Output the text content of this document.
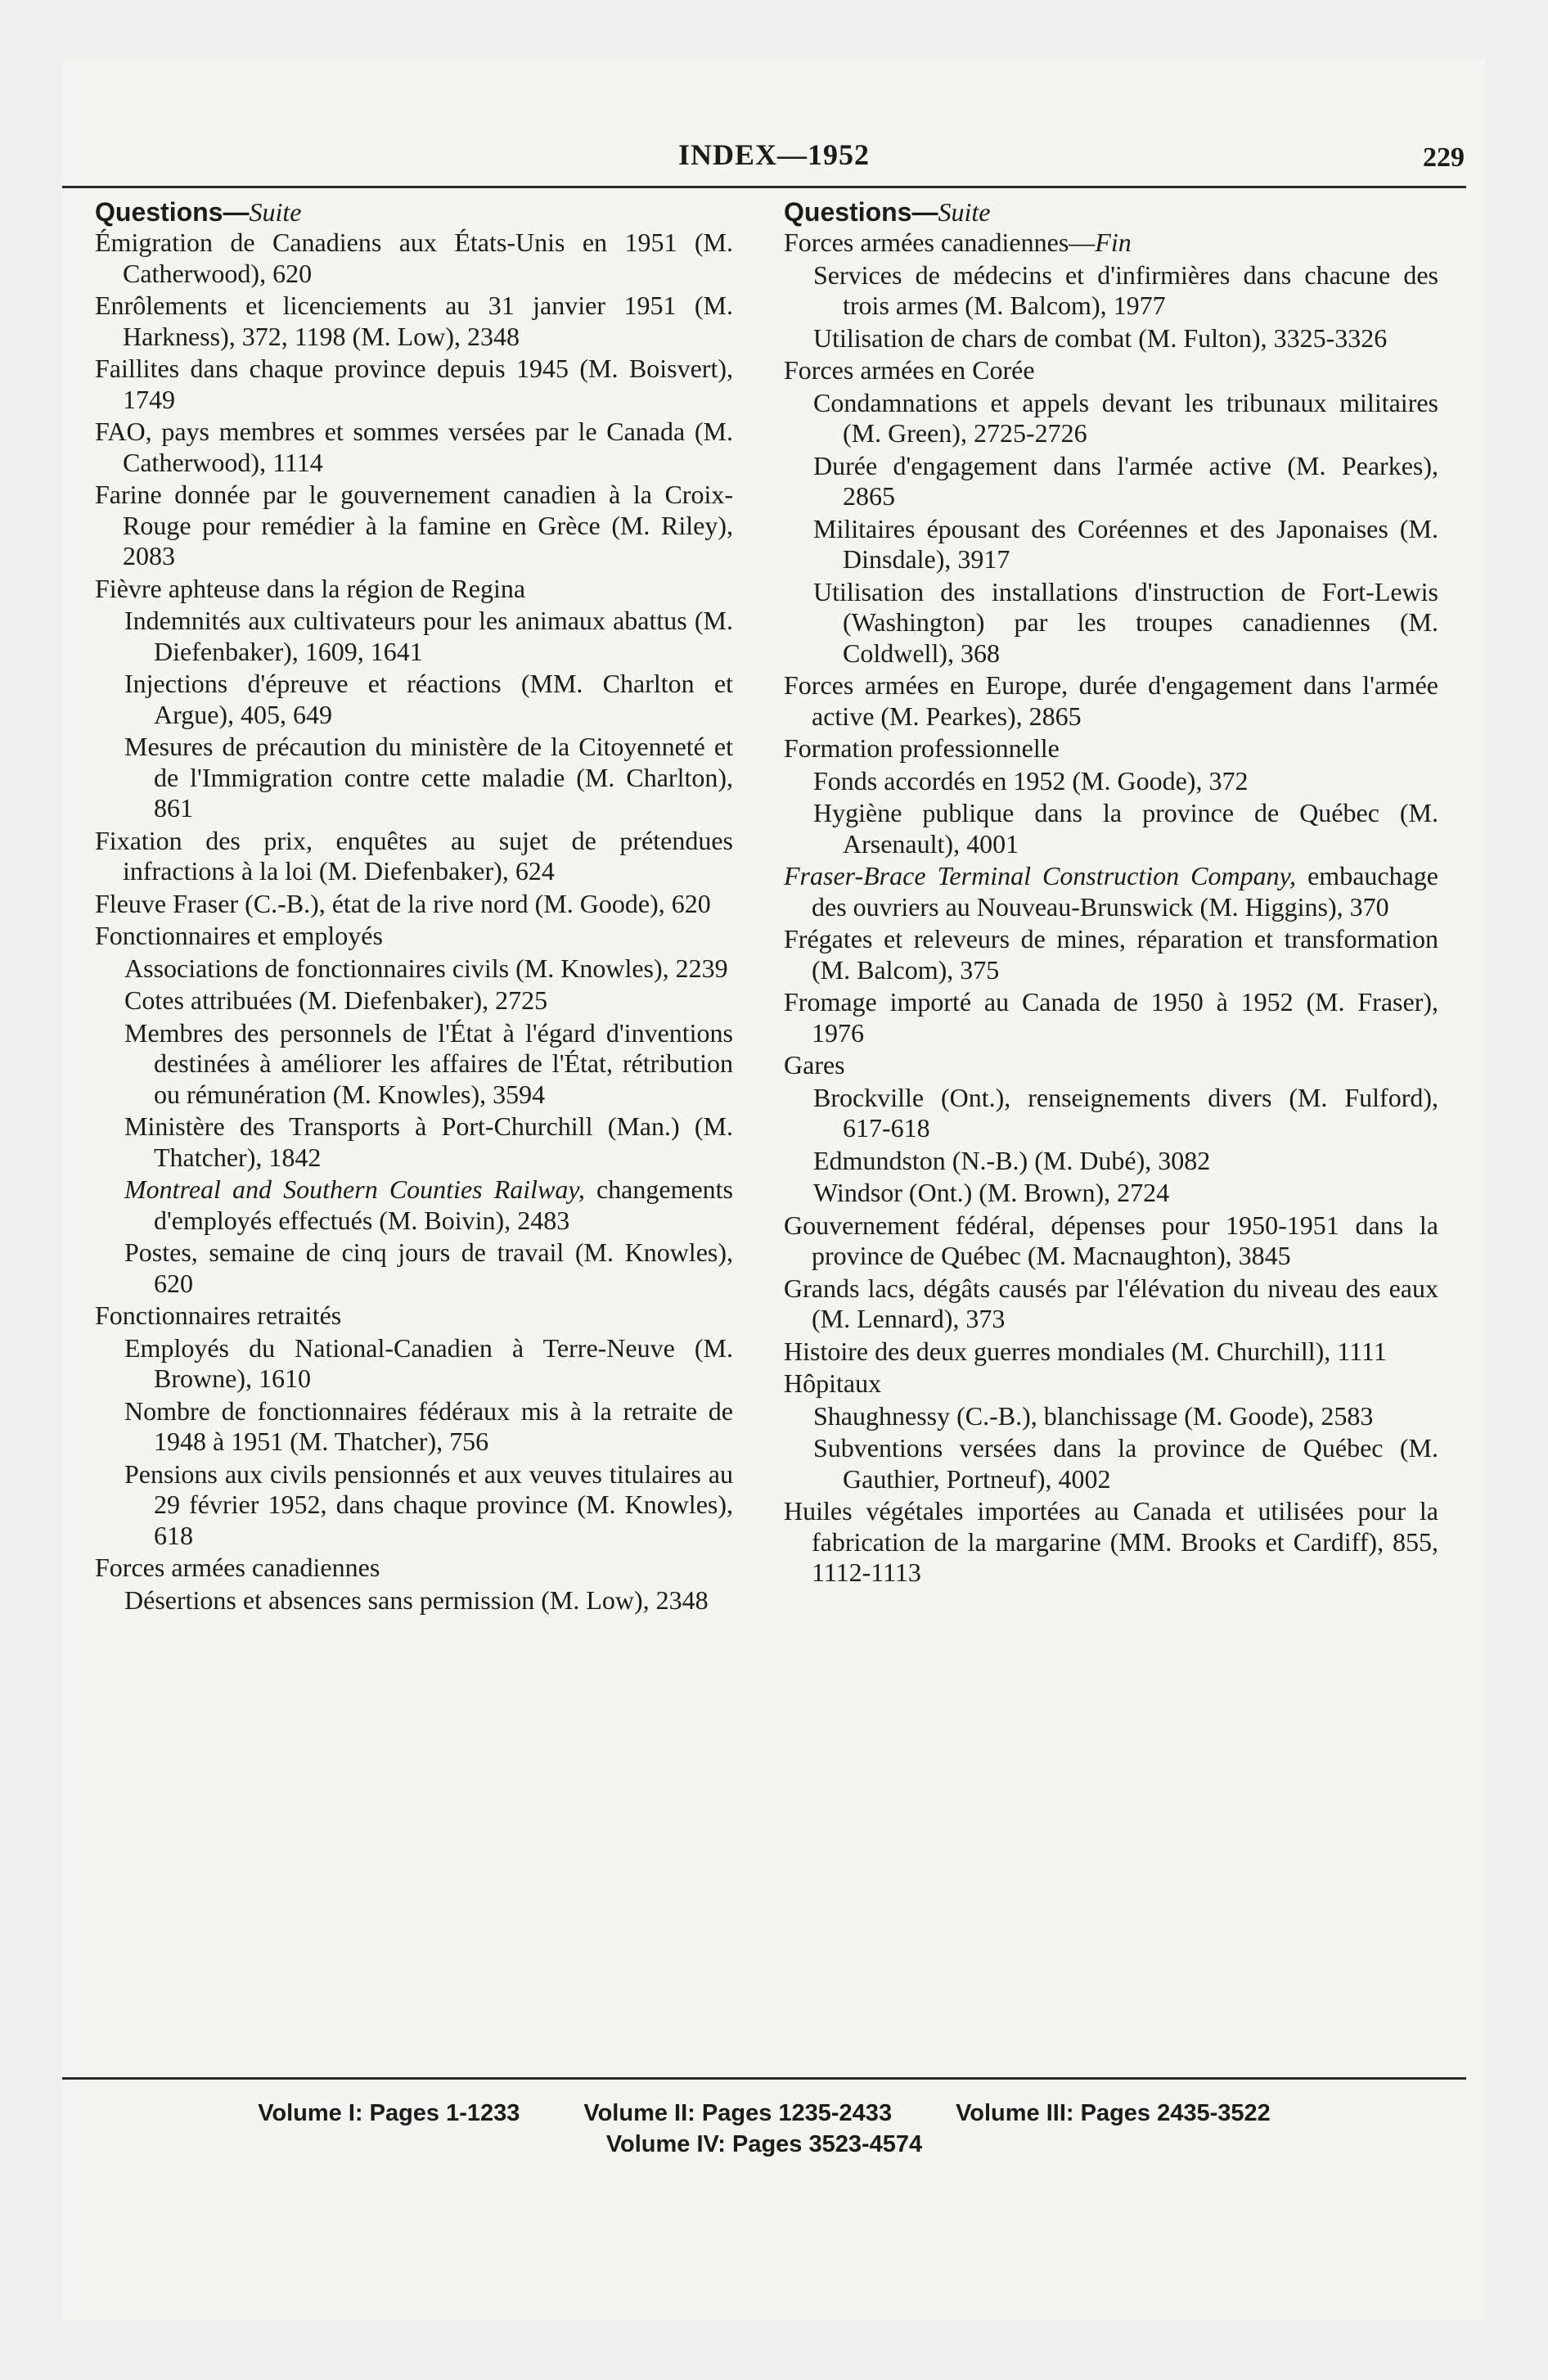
INDEX—1952	229
Questions—Suite
Émigration de Canadiens aux États-Unis en 1951 (M. Catherwood), 620
Enrôlements et licenciements au 31 janvier 1951 (M. Harkness), 372, 1198 (M. Low), 2348
Faillites dans chaque province depuis 1945 (M. Boisvert), 1749
FAO, pays membres et sommes versées par le Canada (M. Catherwood), 1114
Farine donnée par le gouvernement canadien à la Croix-Rouge pour remédier à la famine en Grèce (M. Riley), 2083
Fièvre aphteuse dans la région de Regina
Indemnités aux cultivateurs pour les animaux abattus (M. Diefenbaker), 1609, 1641
Injections d'épreuve et réactions (MM. Charlton et Argue), 405, 649
Mesures de précaution du ministère de la Citoyenneté et de l'Immigration contre cette maladie (M. Charlton), 861
Fixation des prix, enquêtes au sujet de prétendues infractions à la loi (M. Diefenbaker), 624
Fleuve Fraser (C.-B.), état de la rive nord (M. Goode), 620
Fonctionnaires et employés
Associations de fonctionnaires civils (M. Knowles), 2239
Cotes attribuées (M. Diefenbaker), 2725
Membres des personnels de l'État à l'égard d'inventions destinées à améliorer les affaires de l'État, rétribution ou rémunération (M. Knowles), 3594
Ministère des Transports à Port-Churchill (Man.) (M. Thatcher), 1842
Montreal and Southern Counties Railway, changements d'employés effectués (M. Boivin), 2483
Postes, semaine de cinq jours de travail (M. Knowles), 620
Fonctionnaires retraités
Employés du National-Canadien à Terre-Neuve (M. Browne), 1610
Nombre de fonctionnaires fédéraux mis à la retraite de 1948 à 1951 (M. Thatcher), 756
Pensions aux civils pensionnés et aux veuves titulaires au 29 février 1952, dans chaque province (M. Knowles), 618
Forces armées canadiennes
Désertions et absences sans permission (M. Low), 2348
Questions—Suite
Forces armées canadiennes—Fin
Services de médecins et d'infirmières dans chacune des trois armes (M. Balcom), 1977
Utilisation de chars de combat (M. Fulton), 3325-3326
Forces armées en Corée
Condamnations et appels devant les tribunaux militaires (M. Green), 2725-2726
Durée d'engagement dans l'armée active (M. Pearkes), 2865
Militaires épousant des Coréennes et des Japonaises (M. Dinsdale), 3917
Utilisation des installations d'instruction de Fort-Lewis (Washington) par les troupes canadiennes (M. Coldwell), 368
Forces armées en Europe, durée d'engagement dans l'armée active (M. Pearkes), 2865
Formation professionnelle
Fonds accordés en 1952 (M. Goode), 372
Hygiène publique dans la province de Québec (M. Arsenault), 4001
Fraser-Brace Terminal Construction Company, embauchage des ouvriers au Nouveau-Brunswick (M. Higgins), 370
Frégates et releveurs de mines, réparation et transformation (M. Balcom), 375
Fromage importé au Canada de 1950 à 1952 (M. Fraser), 1976
Gares
Brockville (Ont.), renseignements divers (M. Fulford), 617-618
Edmundston (N.-B.) (M. Dubé), 3082
Windsor (Ont.) (M. Brown), 2724
Gouvernement fédéral, dépenses pour 1950-1951 dans la province de Québec (M. Macnaughton), 3845
Grands lacs, dégâts causés par l'élévation du niveau des eaux (M. Lennard), 373
Histoire des deux guerres mondiales (M. Churchill), 1111
Hôpitaux
Shaughnessy (C.-B.), blanchissage (M. Goode), 2583
Subventions versées dans la province de Québec (M. Gauthier, Portneuf), 4002
Huiles végétales importées au Canada et utilisées pour la fabrication de la margarine (MM. Brooks et Cardiff), 855, 1112-1113
Volume I: Pages 1-1233	Volume II: Pages 1235-2433	Volume III: Pages 2435-3522
Volume IV: Pages 3523-4574
